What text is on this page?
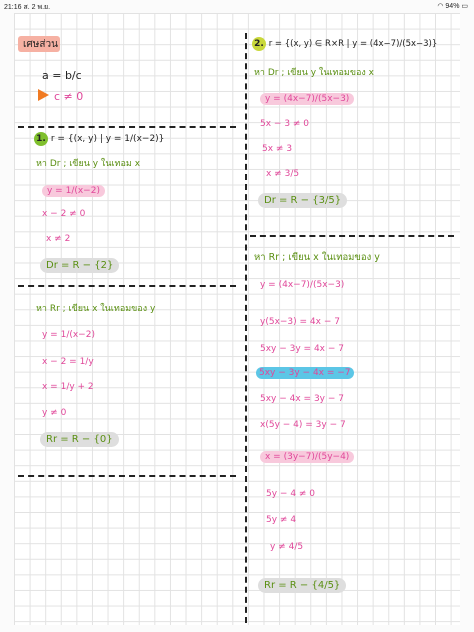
21:16 ส. 2 พ.ย.	◠ 94% ▭
เศษส่วน
a = b/c
c ≠ 0
1. r = {(x, y) | y = 1/(x−2)}
หา Dr ; เขียน y ในเทอม x
y = 1/(x−2)
x − 2 ≠ 0
x ≠ 2
Dr = R − {2}
หา Rr ; เขียน x ในเทอมของ y
y = 1/(x−2)
x − 2 = 1/y
x = 1/y + 2
y ≠ 0
Rr = R − {0}
2. r = {(x, y) ∈ R×R | y = (4x−7)/(5x−3)}
หา Dr ; เขียน y ในเทอมของ x
y = (4x−7)/(5x−3)
5x − 3 ≠ 0
5x ≠ 3
x ≠ 3/5
Dr = R − {3/5}
หา Rr ; เขียน x ในเทอมของ y
y = (4x−7)/(5x−3)
y(5x−3) = 4x − 7
5xy − 3y = 4x − 7
5xy − 3y − 4x = −7
5xy − 4x = 3y − 7
x(5y − 4) = 3y − 7
x = (3y−7)/(5y−4)
5y − 4 ≠ 0
5y ≠ 4
y ≠ 4/5
Rr = R − {4/5}
